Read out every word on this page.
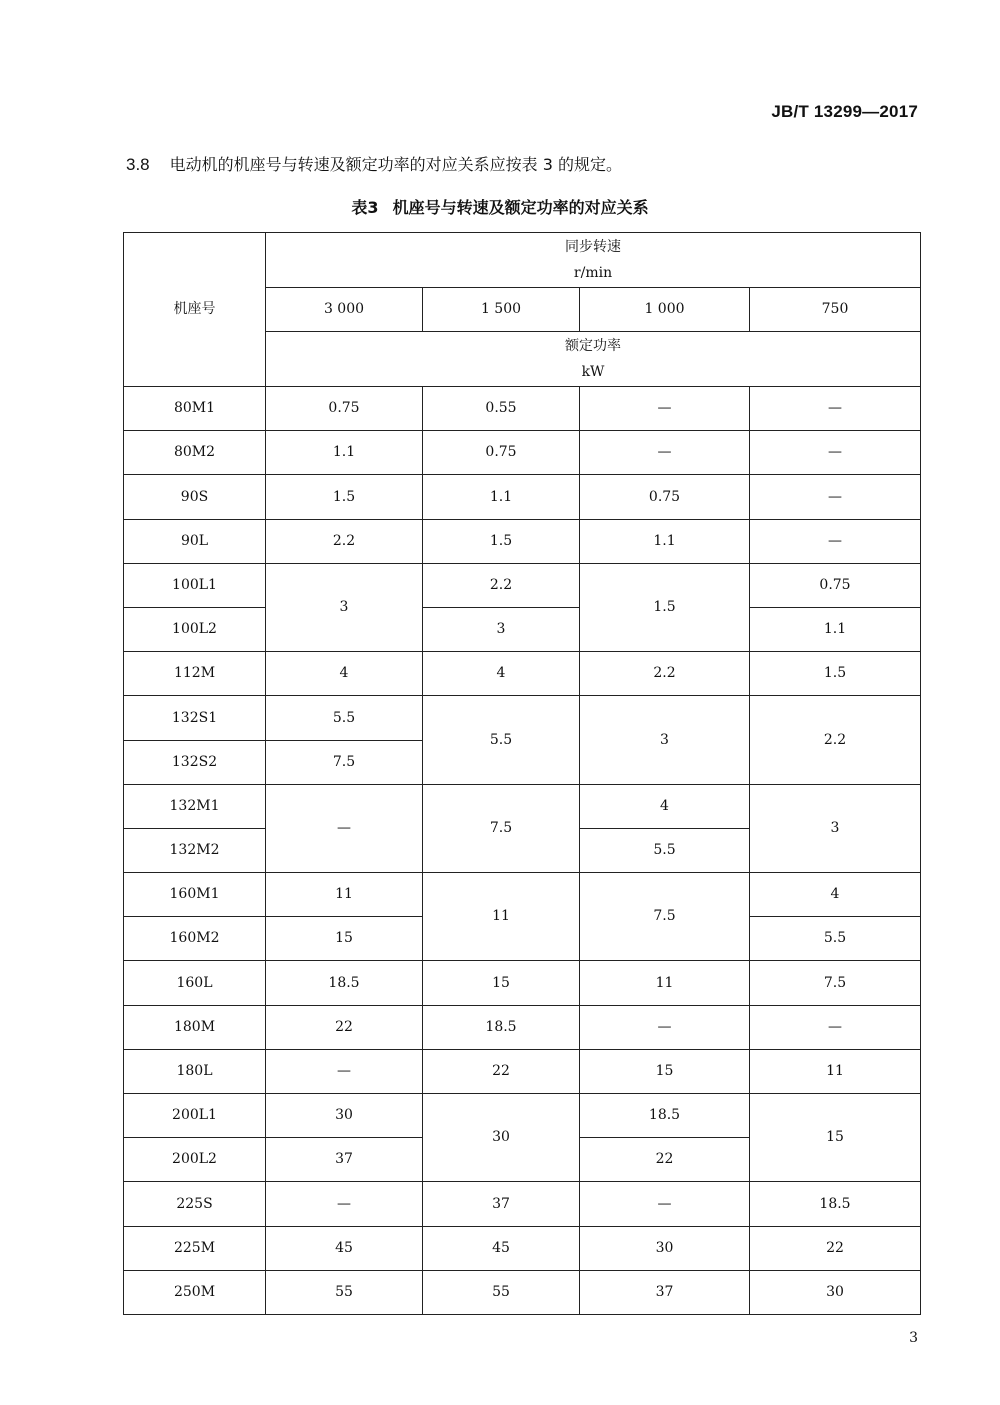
JB/T 13299—2017
3.8 电动机的机座号与转速及额定功率的对应关系应按表 3 的规定。
表3 机座号与转速及额定功率的对应关系
机座号	同步转速
r/min			

	3 000	1 500	1 000	750

	额定功率
kW			

80M1	0.75	0.55	—	—
80M2	1.1	0.75	—	—
90S	1.5	1.1	0.75	—
90L	2.2	1.5	1.1	—
100L1	3	2.2	1.5	0.75
100L2		3		1.1
112M	4	4	2.2	1.5
132S1	5.5	5.5	3	2.2
132S2	7.5			
132M1	—	7.5	4	3
132M2			5.5	
160M1	11	11	7.5	4
160M2	15			5.5
160L	18.5	15	11	7.5
180M	22	18.5	—	—
180L	—	22	15	11
200L1	30	30	18.5	15
200L2	37		22	
225S	—	37	—	18.5
225M	45	45	30	22
250M	55	55	37	30
3
